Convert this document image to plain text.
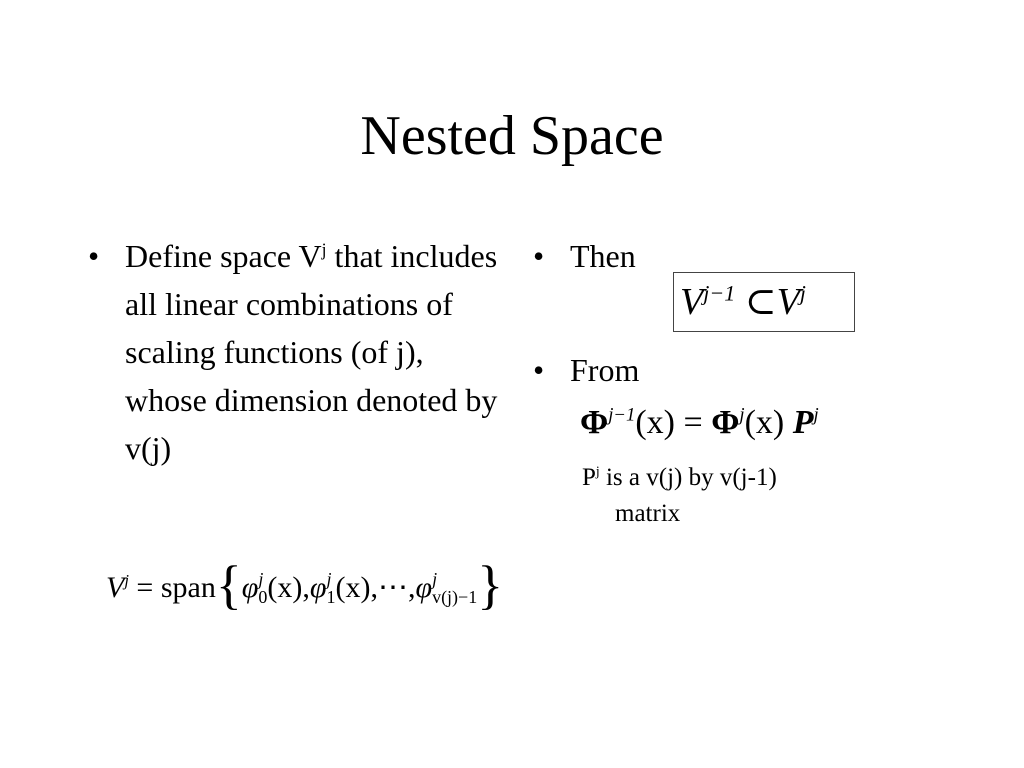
Nested Space
• Define space $V^j$ that includes all linear combinations of scaling functions (of j), whose dimension denoted by v(j)
• Then
$V^{j-1}$ $\subset V^j$
• From
$\Phi^{j-1}(x) = \Phi^j(x)$ $P^j$
$P^j$ is a v(j) by v(j-1)
matrix
$V^j$ = span{φ j
0 (x),φ j
1 (x),⋯,φ j
v(j)−1 }
